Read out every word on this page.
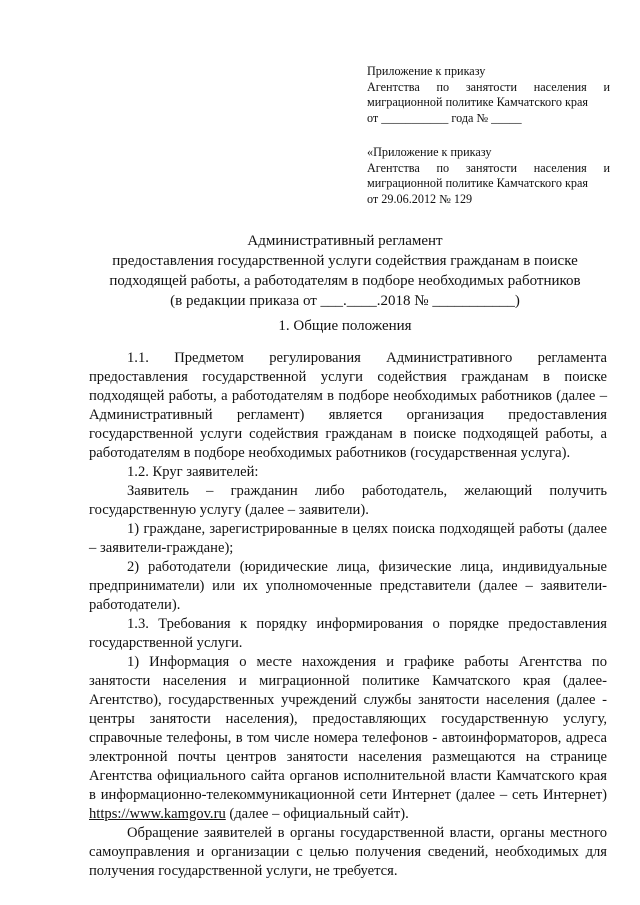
Приложение к приказу

Агентства по занятости населения и миграционной политике Камчатского края

от ___________ года № _____

«Приложение к приказу

Агентства по занятости населения и миграционной политике Камчатского края

от 29.06.2012 № 129

Административный регламент

предоставления государственной услуги содействия гражданам в поиске подходящей работы, а работодателям в подборе необходимых работников

(в редакции приказа от ___.____.2018 № ___________)

1. Общие положения

1.1. Предметом регулирования Административного регламента предоставления государственной услуги содействия гражданам в поиске подходящей работы, а работодателям в подборе необходимых работников (далее – Административный регламент) является организация предоставления государственной услуги содействия гражданам в поиске подходящей работы, а работодателям в подборе необходимых работников (государственная услуга).

1.2. Круг заявителей:

Заявитель – гражданин либо работодатель, желающий получить государственную услугу (далее – заявители).

1) граждане, зарегистрированные в целях поиска подходящей работы (далее – заявители-граждане);

2) работодатели (юридические лица, физические лица, индивидуальные предприниматели) или их уполномоченные представители (далее – заявители-работодатели).

1.3. Требования к порядку информирования о порядке предоставления государственной услуги.

1) Информация о месте нахождения и графике работы Агентства по занятости населения и миграционной политике Камчатского края (далее-Агентство), государственных учреждений службы занятости населения (далее - центры занятости населения), предоставляющих государственную услугу, справочные телефоны, в том числе номера телефонов - автоинформаторов, адреса электронной почты центров занятости населения размещаются на странице Агентства официального сайта органов исполнительной власти Камчатского края в информационно-телекоммуникационной сети Интернет (далее – сеть Интернет) https://www.kamgov.ru (далее – официальный сайт).

Обращение заявителей в органы государственной власти, органы местного самоуправления и организации с целью получения сведений, необходимых для получения государственной услуги, не требуется.
